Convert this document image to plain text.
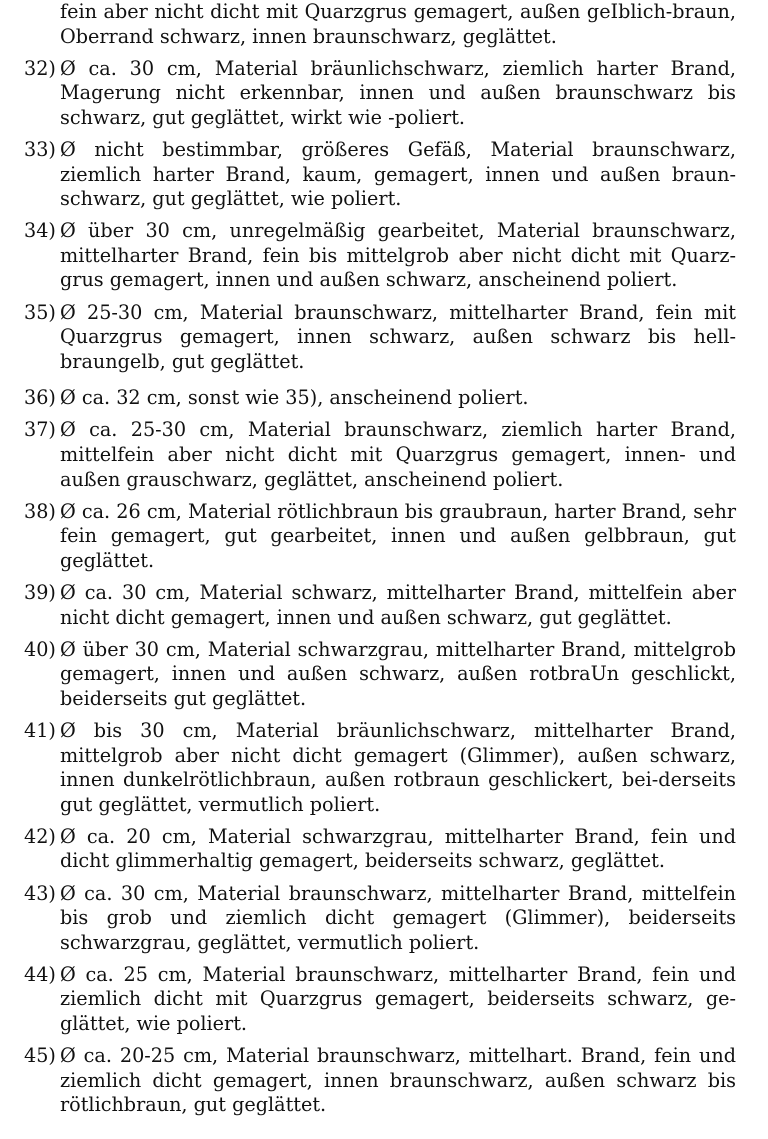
fein aber nicht dicht mit Quarzgrus gemagert, außen geIblich-braun, Oberrand schwarz, innen braunschwarz, geglättet.
32) Ø ca. 30 cm, Material bräunlichschwarz, ziemlich harter Brand, Magerung nicht erkennbar, innen und außen braunschwarz bis schwarz, gut geglättet, wirkt wie ‐poliert.
33) Ø nicht bestimmbar, größeres Gefäß, Material braunschwarz, ziemlich harter Brand, kaum, gemagert, innen und außen braun-schwarz, gut geglättet, wie poliert.
34) Ø über 30 cm, unregelmäßig gearbeitet, Material braunschwarz, mittelharter Brand, fein bis mittelgrob aber nicht dicht mit Quarz-grus gemagert, innen und außen schwarz, anscheinend poliert.
35) Ø 25-30 cm, Material braunschwarz, mittelharter Brand, fein mit Quarzgrus gemagert, innen schwarz, außen schwarz bis hell-braungelb, gut geglättet.
36) Ø ca. 32 cm, sonst wie 35), anscheinend poliert.
37) Ø ca. 25-30 cm, Material braunschwarz, ziemlich harter Brand, mittelfein aber nicht dicht mit Quarzgrus gemagert, innen- und außen grauschwarz, geglättet, anscheinend poliert.
38) Ø ca. 26 cm, Material rötlichbraun bis graubraun, harter Brand, sehr fein gemagert, gut gearbeitet, innen und außen gelbbraun, gut geglättet.
39) Ø ca. 30 cm, Material schwarz, mittelharter Brand, mittelfein aber nicht dicht gemagert, innen und außen schwarz, gut geglättet.
40) Ø über 30 cm, Material schwarzgrau, mittelharter Brand, mittelgrob gemagert, innen und außen schwarz, außen rotbraUn geschlickt, beiderseits gut geglättet.
41) Ø bis 30 cm, Material bräunlichschwarz, mittelharter Brand, mittelgrob aber nicht dicht gemagert (Glimmer), außen schwarz, innen dunkelrötlichbraun, außen rotbraun geschlickert, bei-derseits gut geglättet, vermutlich poliert.
42) Ø ca. 20 cm, Material schwarzgrau, mittelharter Brand, fein und dicht glimmerhaltig gemagert, beiderseits schwarz, geglättet.
43) Ø ca. 30 cm, Material braunschwarz, mittelharter Brand, mittelfein bis grob und ziemlich dicht gemagert (Glimmer), beiderseits schwarzgrau, geglättet, vermutlich poliert.
44) Ø ca. 25 cm, Material braunschwarz, mittelharter Brand, fein und ziemlich dicht mit Quarzgrus gemagert, beiderseits schwarz, ge-glättet, wie poliert.
45) Ø ca. 20-25 cm, Material braunschwarz, mittelhart. Brand, fein und ziemlich dicht gemagert, innen braunschwarz, außen schwarz bis rötlichbraun, gut geglättet.
